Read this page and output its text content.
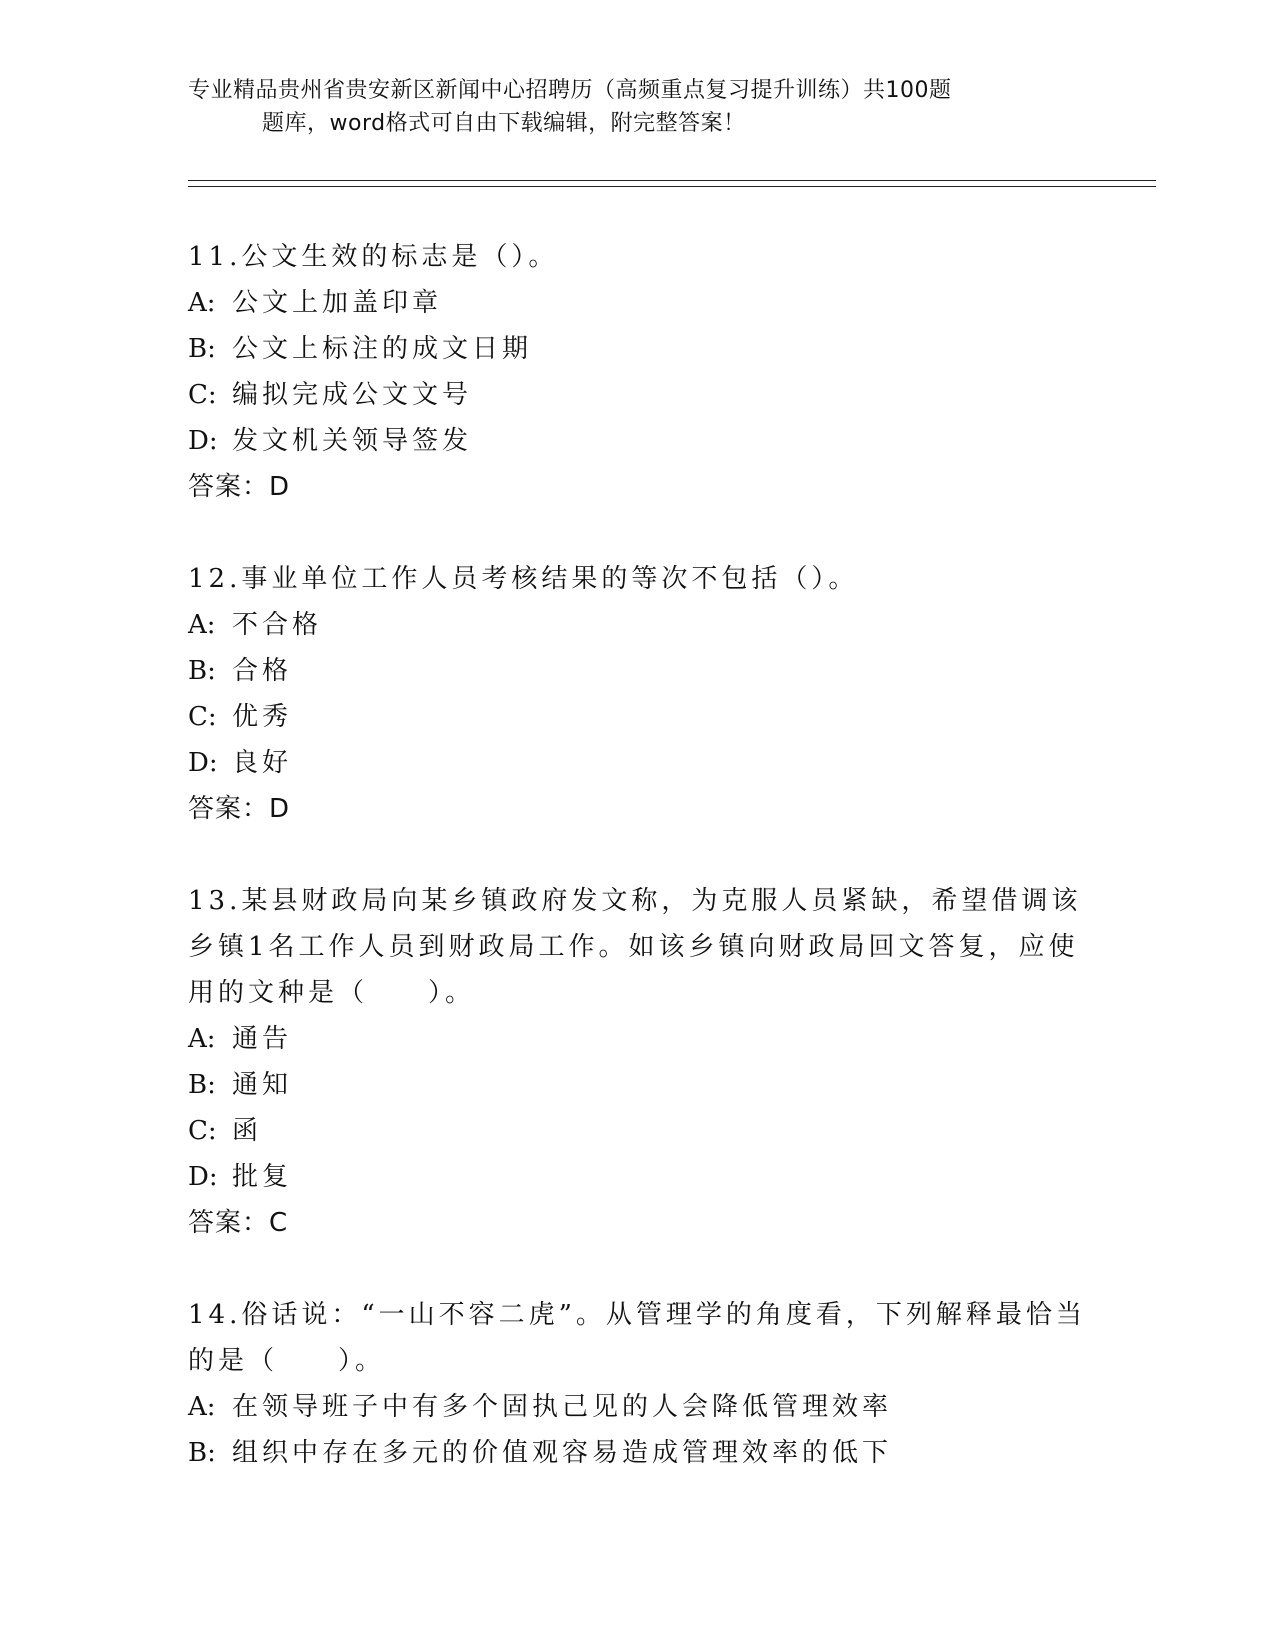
专业精品贵州省贵安新区新闻中心招聘历（高频重点复习提升训练）共100题
题库，word格式可自由下载编辑，附完整答案！
11.公文生效的标志是（）。
A: 公文上加盖印章
B: 公文上标注的成文日期
C: 编拟完成公文文号
D: 发文机关领导签发
答案：D
12.事业单位工作人员考核结果的等次不包括（）。
A: 不合格
B: 合格
C: 优秀
D: 良好
答案：D
13.某县财政局向某乡镇政府发文称，为克服人员紧缺，希望借调该乡镇1名工作人员到财政局工作。如该乡镇向财政局回文答复，应使用的文种是（　　）。
A: 通告
B: 通知
C: 函
D: 批复
答案：C
14.俗话说：“一山不容二虎”。从管理学的角度看，下列解释最恰当的是（　　）。
A: 在领导班子中有多个固执己见的人会降低管理效率
B: 组织中存在多元的价值观容易造成管理效率的低下
